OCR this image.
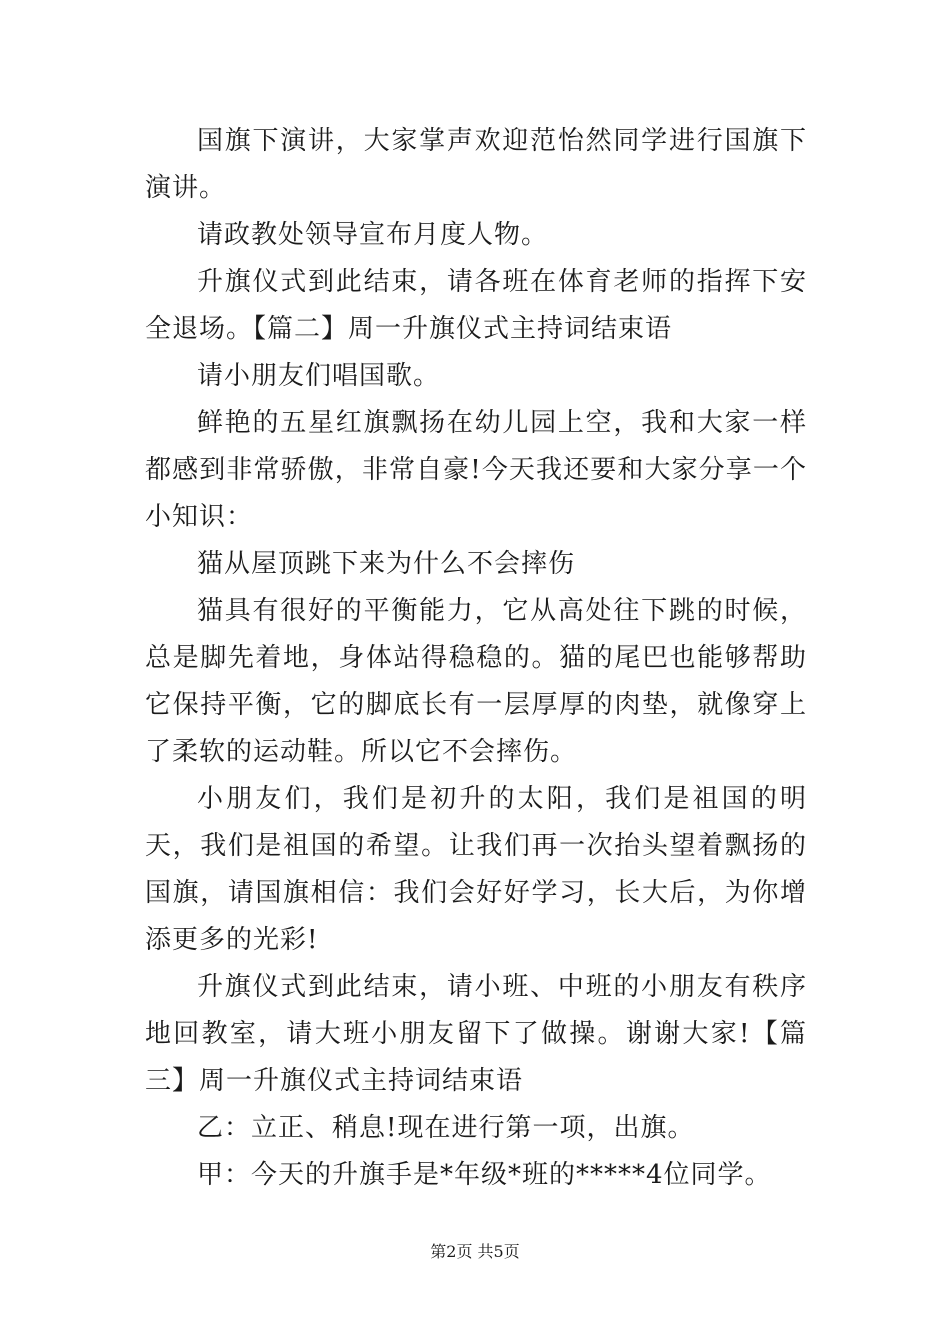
国旗下演讲，大家掌声欢迎范怡然同学进行国旗下演讲。

请政教处领导宣布月度人物。

升旗仪式到此结束，请各班在体育老师的指挥下安全退场。【篇二】周一升旗仪式主持词结束语

请小朋友们唱国歌。

鲜艳的五星红旗飘扬在幼儿园上空，我和大家一样都感到非常骄傲，非常自豪!今天我还要和大家分享一个小知识：

猫从屋顶跳下来为什么不会摔伤

猫具有很好的平衡能力，它从高处往下跳的时候，总是脚先着地，身体站得稳稳的。猫的尾巴也能够帮助它保持平衡，它的脚底长有一层厚厚的肉垫，就像穿上了柔软的运动鞋。所以它不会摔伤。

小朋友们，我们是初升的太阳，我们是祖国的明天，我们是祖国的希望。让我们再一次抬头望着飘扬的国旗，请国旗相信：我们会好好学习，长大后，为你增添更多的光彩!

升旗仪式到此结束，请小班、中班的小朋友有秩序地回教室，请大班小朋友留下了做操。谢谢大家!【篇三】周一升旗仪式主持词结束语

乙：立正、稍息!现在进行第一项，出旗。

甲：今天的升旗手是*年级*班的*****4位同学。

第2页 共5页
